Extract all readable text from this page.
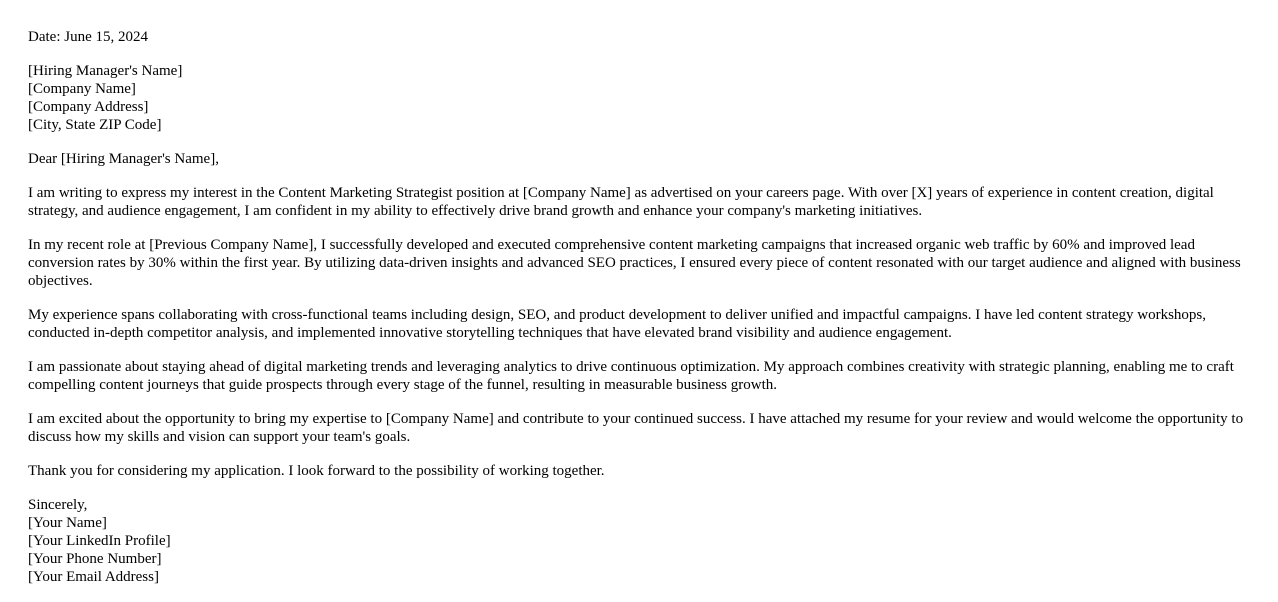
Date: June 15, 2024
[Hiring Manager's Name]
[Company Name]
[Company Address]
[City, State ZIP Code]
Dear [Hiring Manager's Name],

I am writing to express my interest in the Content Marketing Strategist position at [Company Name] as advertised on your careers page. With over [X] years of experience in content creation, digital strategy, and audience engagement, I am confident in my ability to effectively drive brand growth and enhance your company's marketing initiatives.

In my recent role at [Previous Company Name], I successfully developed and executed comprehensive content marketing campaigns that increased organic web traffic by 60% and improved lead conversion rates by 30% within the first year. By utilizing data-driven insights and advanced SEO practices, I ensured every piece of content resonated with our target audience and aligned with business objectives.

My experience spans collaborating with cross-functional teams including design, SEO, and product development to deliver unified and impactful campaigns. I have led content strategy workshops, conducted in-depth competitor analysis, and implemented innovative storytelling techniques that have elevated brand visibility and audience engagement.

I am passionate about staying ahead of digital marketing trends and leveraging analytics to drive continuous optimization. My approach combines creativity with strategic planning, enabling me to craft compelling content journeys that guide prospects through every stage of the funnel, resulting in measurable business growth.

I am excited about the opportunity to bring my expertise to [Company Name] and contribute to your continued success. I have attached my resume for your review and would welcome the opportunity to discuss how my skills and vision can support your team's goals.

Thank you for considering my application. I look forward to the possibility of working together.

Sincerely,
[Your Name]
[Your LinkedIn Profile]
[Your Phone Number]
[Your Email Address]
